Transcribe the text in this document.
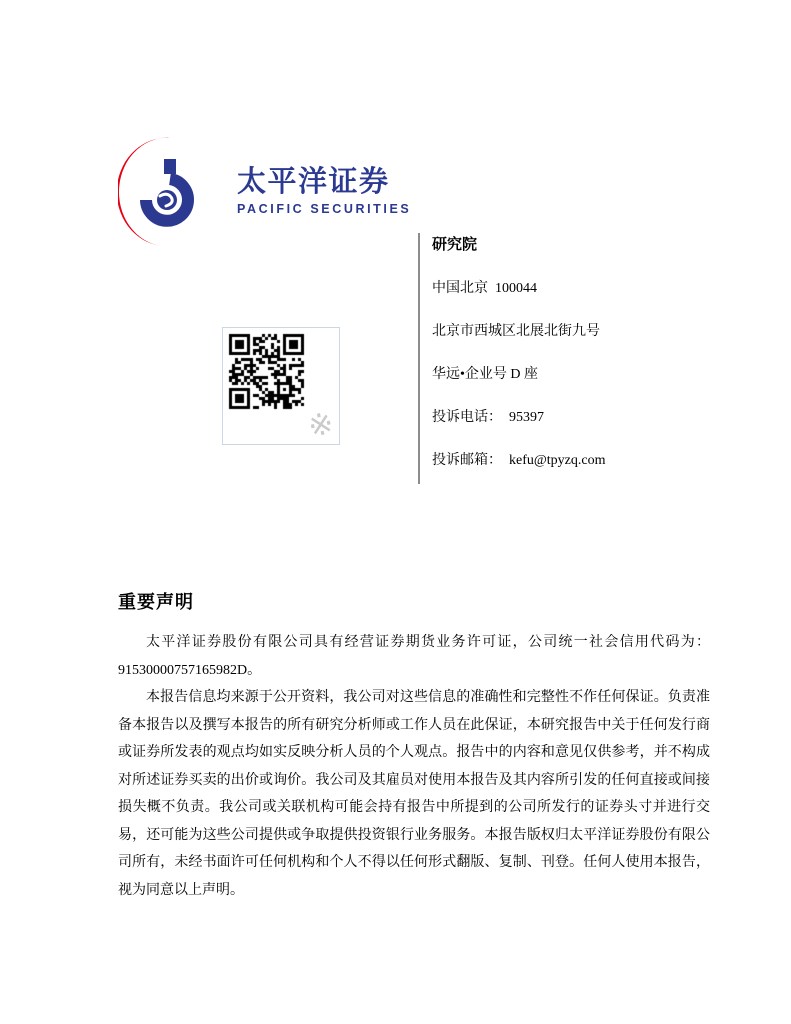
太平洋证券
PACIFIC SECURITIES
※
研究院
中国北京  100044
北京市西城区北展北街九号
华远•企业号 D 座
投诉电话：  95397
投诉邮箱：  kefu@tpyzq.com
重要声明

太平洋证券股份有限公司具有经营证券期货业务许可证，公司统一社会信用代码为：91530000757165982D。

本报告信息均来源于公开资料，我公司对这些信息的准确性和完整性不作任何保证。负责准备本报告以及撰写本报告的所有研究分析师或工作人员在此保证，本研究报告中关于任何发行商或证券所发表的观点均如实反映分析人员的个人观点。报告中的内容和意见仅供参考，并不构成对所述证券买卖的出价或询价。我公司及其雇员对使用本报告及其内容所引发的任何直接或间接损失概不负责。我公司或关联机构可能会持有报告中所提到的公司所发行的证券头寸并进行交易，还可能为这些公司提供或争取提供投资银行业务服务。本报告版权归太平洋证券股份有限公司所有，未经书面许可任何机构和个人不得以任何形式翻版、复制、刊登。任何人使用本报告，视为同意以上声明。
